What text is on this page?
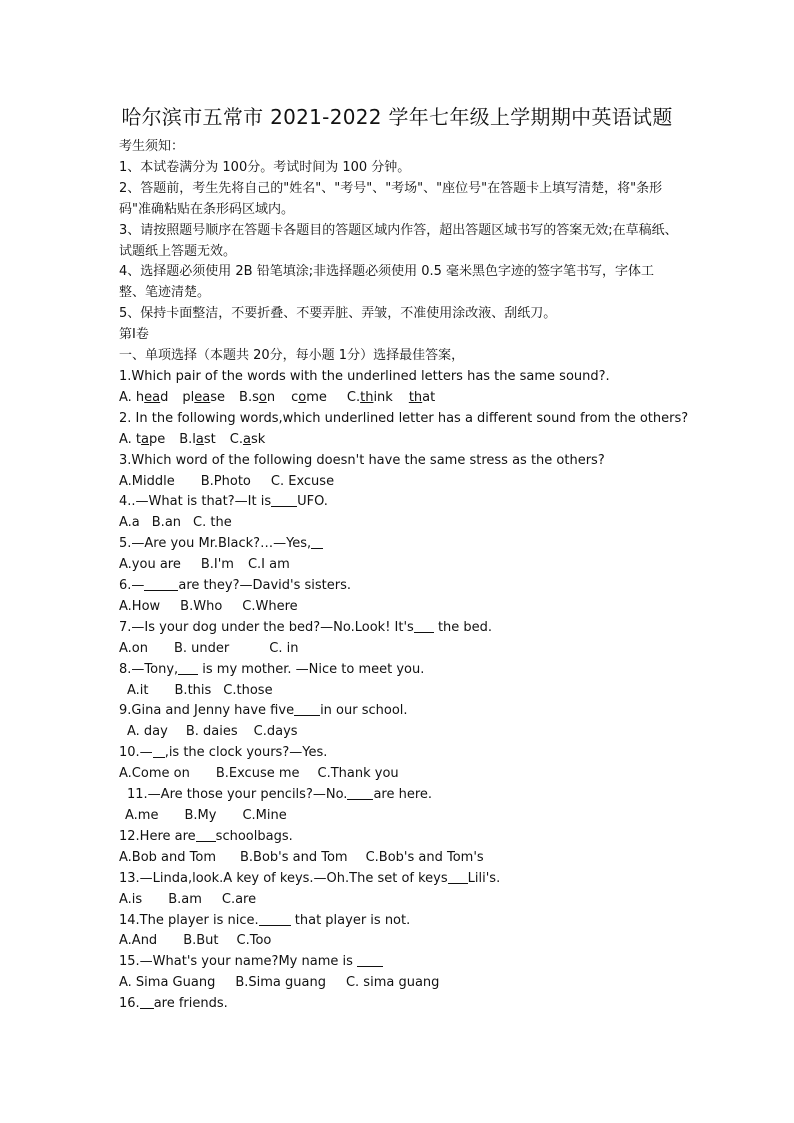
哈尔滨市五常市 2021-2022 学年七年级上学期期中英语试题
考生须知：
1、本试卷满分为 100分。考试时间为 100 分钟。
2、答题前，考生先将自己的"姓名"、"考号"、"考场"、"座位号"在答题卡上填写清楚，将"条形码"准确粘贴在条形码区域内。
3、请按照题号顺序在答题卡各题目的答题区域内作答，超出答题区域书写的答案无效;在草稿纸、试题纸上答题无效。
4、选择题必须使用 2B 铅笔填涂;非选择题必须使用 0.5 毫米黑色字迹的签字笔书写，字体工整、笔迹清楚。
5、保持卡面整洁，不要折叠、不要弄脏、弄皱，不准使用涂改液、刮纸刀。
第Ⅰ卷
一、单项选择（本题共 20分，每小题 1分）选择最佳答案，
1.Which pair of the words with the underlined letters has the same sound?.
A. head please B.son come C.think that
2. In the following words,which underlined letter has a different sound from the others?
A. tape B.last C.ask
3.Which word of the following doesn't have the same stress as the others?
A.Middle B.Photo C. Excuse
4..—What is that?—It is UFO.
A.a B.an C. the
5.—Are you Mr.Black?…—Yes,
A.you are B.I'm C.I am
6.—	are they?—David's sisters.
A.How B.Who C.Where
7.—Is your dog under the bed?—No.Look! It's the bed.
A.on B. under	C. in
8.—Tony, is my mother. —Nice to meet you.
A.it B.this C.those
9.Gina and Jenny have five in our school.
A. day B. daies C.days
10.— ,is the clock yours?—Yes.
A.Come on B.Excuse me C.Thank you
11.—Are those your pencils?—No. are here.
A.me B.My C.Mine
12.Here are schoolbags.
A.Bob and Tom B.Bob's and Tom C.Bob's and Tom's
13.—Linda,look.A key of keys.—Oh.The set of keys Lili's.
A.is B.am C.are
14.The player is nice. that player is not.
A.And B.But C.Too
15.—What's your name?My name is
A. Sima Guang B.Sima guang C. sima guang
16. are friends.
